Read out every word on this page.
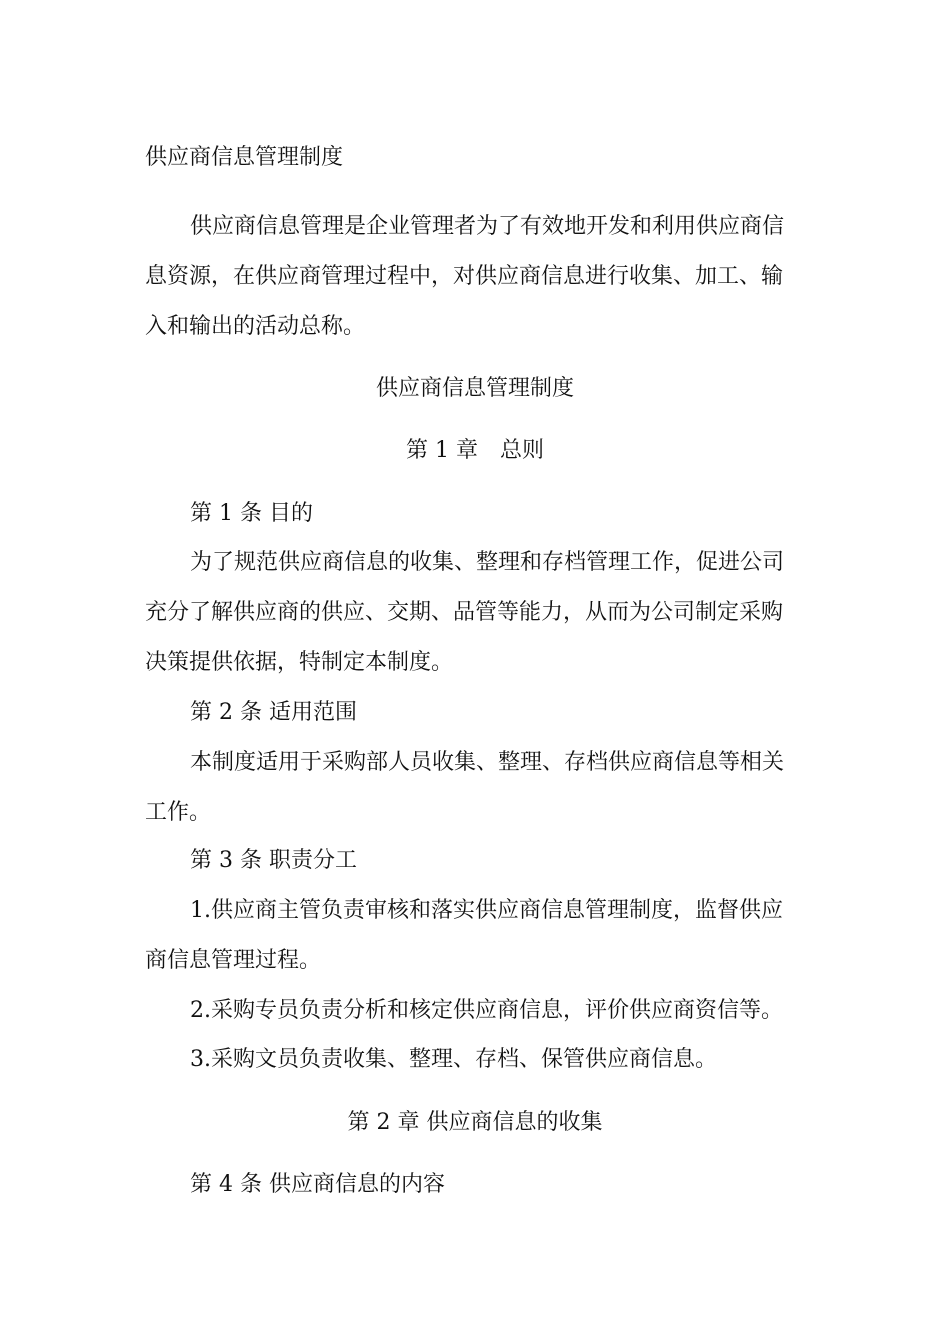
供应商信息管理制度
供应商信息管理是企业管理者为了有效地开发和利用供应商信
息资源，在供应商管理过程中，对供应商信息进行收集、加工、输
入和输出的活动总称。
供应商信息管理制度
第 1 章　总则
第 1 条 目的
为了规范供应商信息的收集、整理和存档管理工作，促进公司
充分了解供应商的供应、交期、品管等能力，从而为公司制定采购
决策提供依据，特制定本制度。
第 2 条 适用范围
本制度适用于采购部人员收集、整理、存档供应商信息等相关
工作。
第 3 条 职责分工
1.供应商主管负责审核和落实供应商信息管理制度，监督供应
商信息管理过程。
2.采购专员负责分析和核定供应商信息，评价供应商资信等。
3.采购文员负责收集、整理、存档、保管供应商信息。
第 2 章 供应商信息的收集
第 4 条 供应商信息的内容
